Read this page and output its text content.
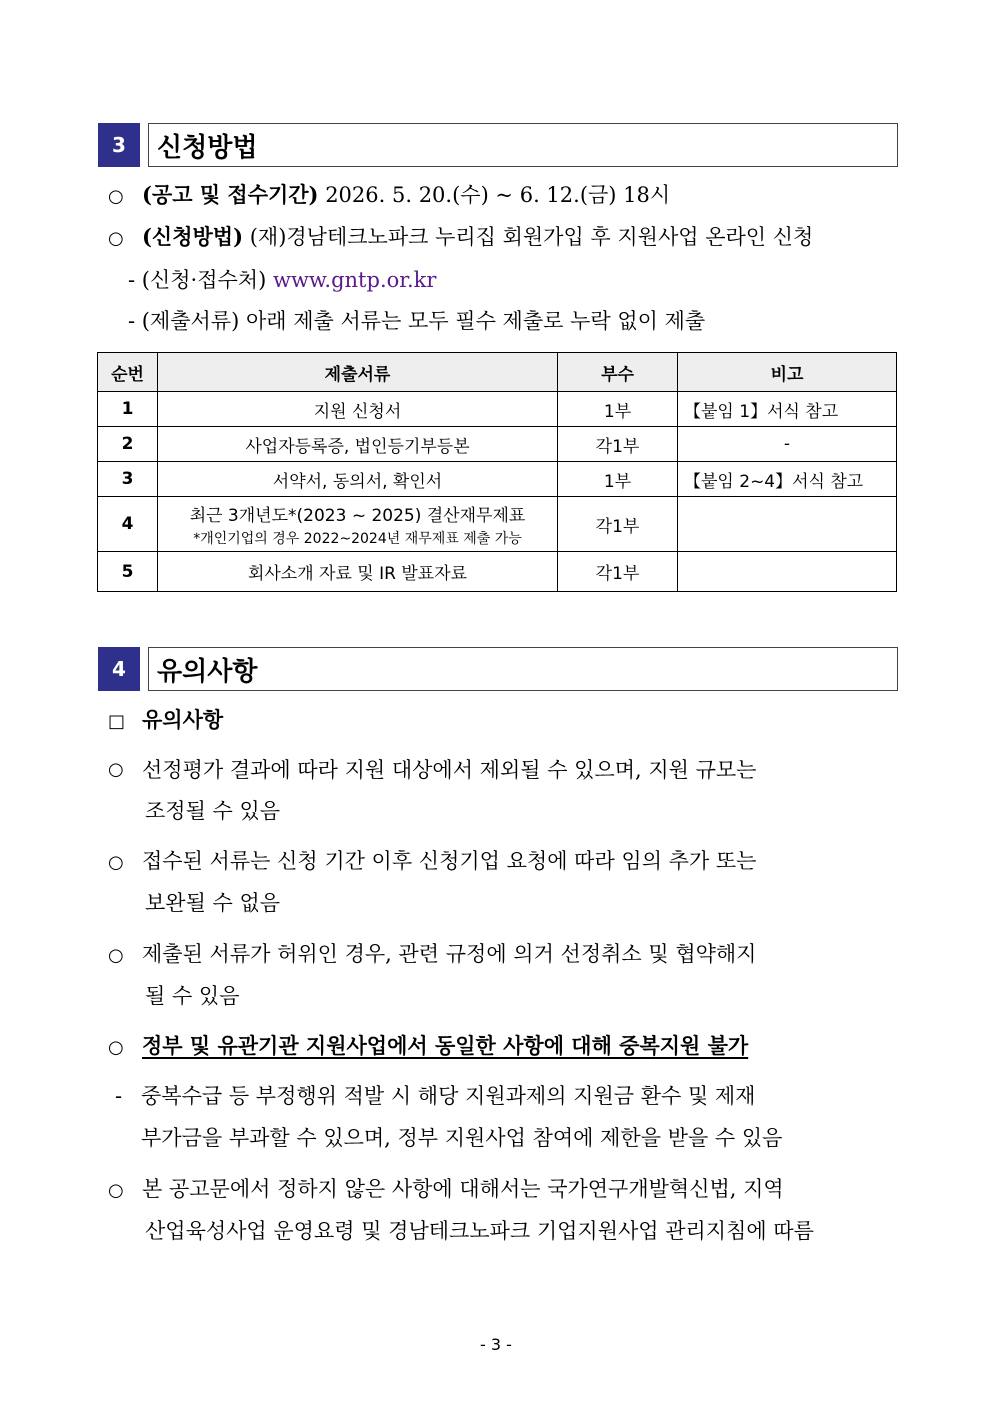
3	신청방법
○ (공고 및 접수기간) 2026. 5. 20.(수) ~ 6. 12.(금) 18시
○ (신청방법) (재)경남테크노파크 누리집 회원가입 후 지원사업 온라인 신청
- (신청·접수처) www.gntp.or.kr
- (제출서류) 아래 제출 서류는 모두 필수 제출로 누락 없이 제출
순번	제출서류	부수	비고
1	지원 신청서	1부	【붙임 1】서식 참고
2	사업자등록증, 법인등기부등본	각1부	-
3	서약서, 동의서, 확인서	1부	【붙임 2~4】서식 참고
4	최근 3개년도*(2023 ~ 2025) 결산재무제표
*개인기업의 경우 2022~2024년 재무제표 제출 가능	각1부	
5	회사소개 자료 및 IR 발표자료	각1부	
4	유의사항
□ 유의사항
○ 선정평가 결과에 따라 지원 대상에서 제외될 수 있으며, 지원 규모는
조정될 수 있음
○ 접수된 서류는 신청 기간 이후 신청기업 요청에 따라 임의 추가 또는
보완될 수 없음
○ 제출된 서류가 허위인 경우, 관련 규정에 의거 선정취소 및 협약해지
될 수 있음
○ 정부 및 유관기관 지원사업에서 동일한 사항에 대해 중복지원 불가
- 중복수급 등 부정행위 적발 시 해당 지원과제의 지원금 환수 및 제재
부가금을 부과할 수 있으며, 정부 지원사업 참여에 제한을 받을 수 있음
○ 본 공고문에서 정하지 않은 사항에 대해서는 국가연구개발혁신법, 지역
산업육성사업 운영요령 및 경남테크노파크 기업지원사업 관리지침에 따름
- 3 -
